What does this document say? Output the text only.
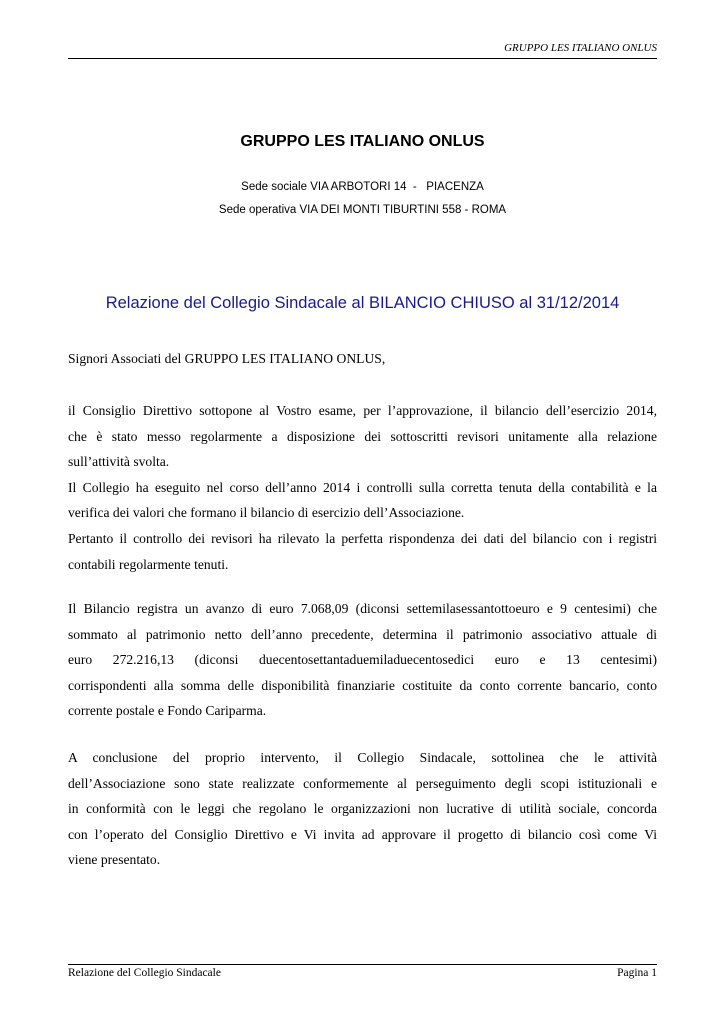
GRUPPO LES ITALIANO ONLUS
GRUPPO LES ITALIANO ONLUS
Sede sociale VIA ARBOTORI 14  -   PIACENZA
Sede operativa VIA DEI MONTI TIBURTINI 558 - ROMA
Relazione del Collegio Sindacale al BILANCIO CHIUSO al 31/12/2014
Signori Associati del GRUPPO LES ITALIANO ONLUS,
il Consiglio Direttivo sottopone al Vostro esame, per l’approvazione, il bilancio dell’esercizio 2014,
che è stato messo regolarmente a disposizione dei sottoscritti revisori unitamente alla relazione
sull’attività svolta.
Il Collegio ha eseguito nel corso dell’anno 2014 i controlli sulla corretta tenuta della contabilità e la
verifica dei valori che formano il bilancio di esercizio dell’Associazione.
Pertanto il controllo dei revisori ha rilevato la perfetta rispondenza dei dati del bilancio con i registri
contabili regolarmente tenuti.
Il Bilancio registra un avanzo di euro 7.068,09 (diconsi settemilasessantottoeuro e 9 centesimi) che
sommato al patrimonio netto dell’anno precedente, determina il patrimonio associativo attuale di
euro 272.216,13 (diconsi duecentosettantaduemiladuecentosedici euro e 13 centesimi)
corrispondenti alla somma delle disponibilità finanziarie costituite da conto corrente bancario, conto
corrente postale e Fondo Cariparma.
A conclusione del proprio intervento, il Collegio Sindacale, sottolinea che le attività
dell’Associazione sono state realizzate conformemente al perseguimento degli scopi istituzionali e
in conformità con le leggi che regolano le organizzazioni non lucrative di utilità sociale, concorda
con l’operato del Consiglio Direttivo e Vi invita ad approvare il progetto di bilancio così come Vi
viene presentato.
Relazione del Collegio Sindacale	Pagina 1
